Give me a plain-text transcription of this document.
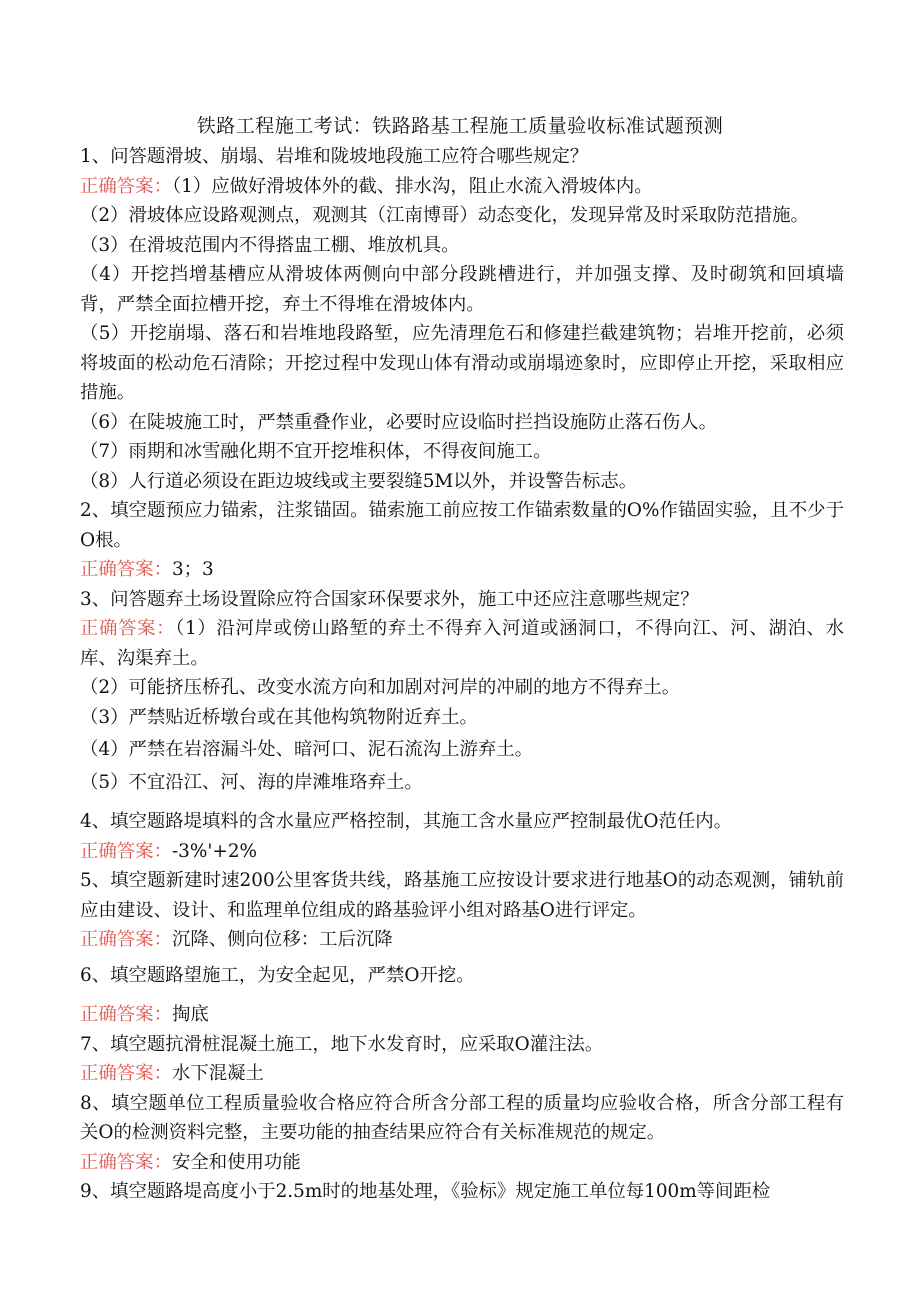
铁路工程施工考试：铁路路基工程施工质量验收标准试题预测

1、问答题滑坡、崩塌、岩堆和陇坡地段施工应符合哪些规定？

正确答案：（1）应做好滑坡体外的截、排水沟，阻止水流入滑坡体内。

（2）滑坡体应设路观测点，观测其（江南博哥）动态变化，发现异常及时采取防范措施。

（3）在滑坡范围内不得搭盅工棚、堆放机具。

（4）开挖挡增基槽应从滑坡体两侧向中部分段跳槽进行，并加强支撑、及时砌筑和回填墙背，严禁全面拉槽开挖，弃土不得堆在滑坡体内。

（5）开挖崩塌、落石和岩堆地段路堑，应先清理危石和修建拦截建筑物；岩堆开挖前，必须将坡面的松动危石清除；开挖过程中发现山体有滑动或崩塌迹象时，应即停止开挖，采取相应措施。

（6）在陡坡施工时，严禁重叠作业，必要时应设临时拦挡设施防止落石伤人。

（7）雨期和冰雪融化期不宜开挖堆积体，不得夜间施工。

（8）人行道必须设在距边坡线或主要裂缝5M以外，并设警告标志。

2、填空题预应力锚索，注浆锚固。锚索施工前应按工作锚索数量的O%作锚固实验，且不少于O根。

正确答案：3；3

3、问答题弃土场设置除应符合国家环保要求外，施工中还应注意哪些规定？

正确答案：（1）沿河岸或傍山路堑的弃土不得弃入河道或涵洞口，不得向江、河、湖泊、水库、沟渠弃土。

（2）可能挤压桥孔、改变水流方向和加剧对河岸的冲刷的地方不得弃土。

（3）严禁贴近桥墩台或在其他构筑物附近弃土。

（4）严禁在岩溶漏斗处、暗河口、泥石流沟上游弃土。

（5）不宜沿江、河、海的岸滩堆珞弃土。

4、填空题路堤填料的含水量应严格控制，其施工含水量应严控制最优O范任内。

正确答案：-3%'+2%

5、填空题新建时速200公里客货共线，路基施工应按设计要求进行地基O的动态观测，铺轨前应由建设、设计、和监理单位组成的路基验评小组对路基O进行评定。

正确答案：沉降、侧向位移：工后沉降

6、填空题路望施工，为安全起见，严禁O开挖。

正确答案：掏底

7、填空题抗滑桩混凝土施工，地下水发育时，应采取O灌注法。

正确答案：水下混凝土

8、填空题单位工程质量验收合格应符合所含分部工程的质量均应验收合格，所含分部工程有关O的检测资料完整，主要功能的抽查结果应符合有关标准规范的规定。

正确答案：安全和使用功能

9、填空题路堤高度小于2.5m时的地基处理，《验标》规定施工单位每100m等间距检
